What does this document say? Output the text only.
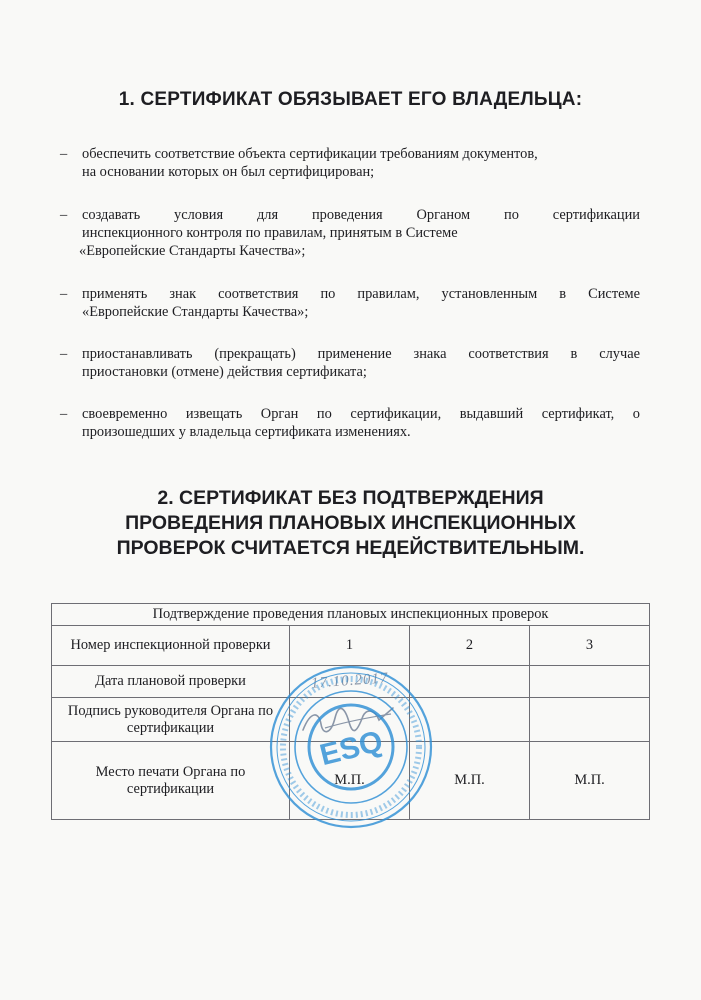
1. СЕРТИФИКАТ ОБЯЗЫВАЕТ ЕГО ВЛАДЕЛЬЦА:
–	обеспечить соответствие объекта сертификации требованиям документов,
на основании которых он был сертифицирован;
–	создавать условия для проведения Органом по сертификации
инспекционного контроля по правилам, принятым в Системе
«Европейские Стандарты Качества»;
–	применять знак соответствия по правилам, установленным в Системе
«Европейские Стандарты Качества»;
–	приостанавливать (прекращать) применение знака соответствия в случае
приостановки (отмене) действия сертификата;
–	своевременно извещать Орган по сертификации, выдавший сертификат, о
произошедших у владельца сертификата изменениях.
2. СЕРТИФИКАТ БЕЗ ПОДТВЕРЖДЕНИЯ
ПРОВЕДЕНИЯ ПЛАНОВЫХ ИНСПЕКЦИОННЫХ
ПРОВЕРОК СЧИТАЕТСЯ НЕДЕЙСТВИТЕЛЬНЫМ.
Подтверждение проведения плановых инспекционных проверок			
Номер инспекционной проверки	1	2	3
Дата плановой проверки	17.10.2017		
Подпись руководителя Органа по сертификации	

Место печати Органа по сертификации	М.П.	М.П.	М.П.
ESQ
